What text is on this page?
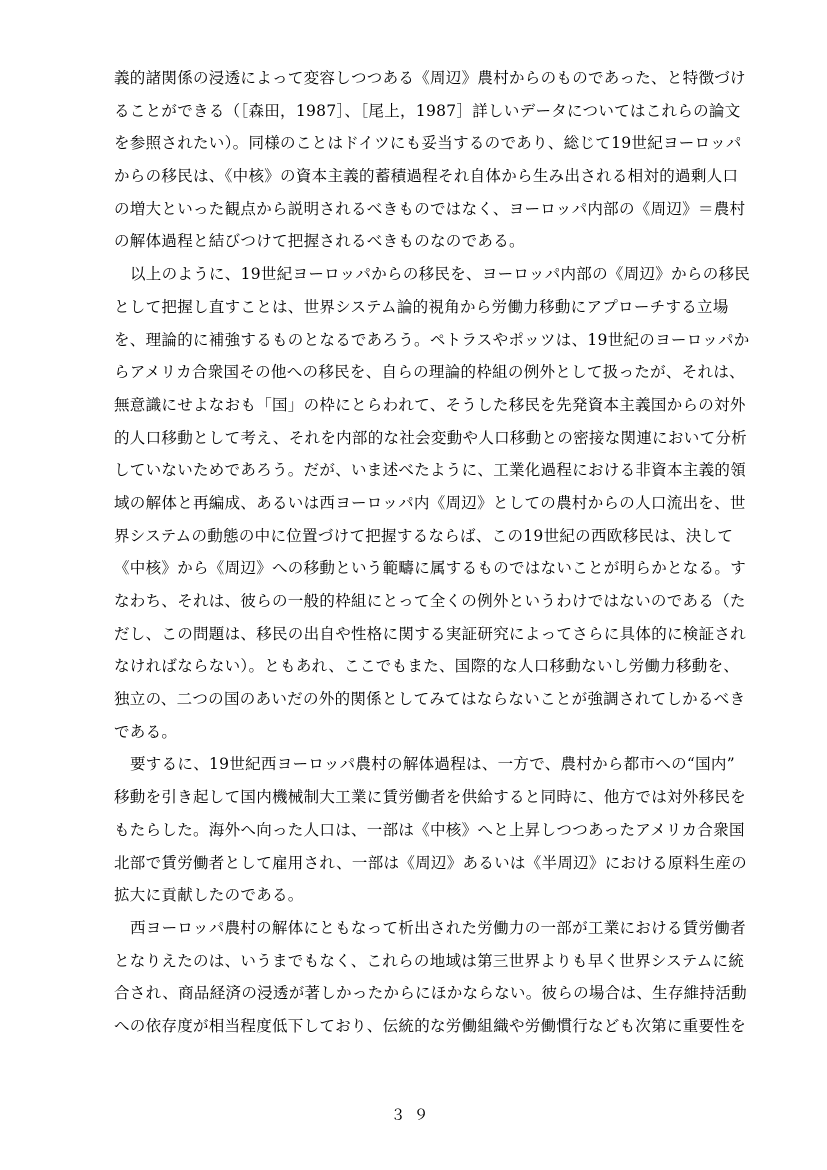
義的諸関係の浸透によって変容しつつある《周辺》農村からのものであった、と特徴づけ
ることができる（［森田，1987］、［尾上，1987］詳しいデータについてはこれらの論文
を参照されたい）。同様のことはドイツにも妥当するのであり、総じて19世紀ヨーロッパ
からの移民は、《中核》の資本主義的蓄積過程それ自体から生み出される相対的過剰人口
の増大といった観点から説明されるべきものではなく、ヨーロッパ内部の《周辺》＝農村
の解体過程と結びつけて把握されるべきものなのである。

以上のように、19世紀ヨーロッパからの移民を、ヨーロッパ内部の《周辺》からの移民
として把握し直すことは、世界システム論的視角から労働力移動にアプローチする立場
を、理論的に補強するものとなるであろう。ペトラスやポッツは、19世紀のヨーロッパか
らアメリカ合衆国その他への移民を、自らの理論的枠組の例外として扱ったが、それは、
無意識にせよなおも「国」の枠にとらわれて、そうした移民を先発資本主義国からの対外
的人口移動として考え、それを内部的な社会変動や人口移動との密接な関連において分析
していないためであろう。だが、いま述べたように、工業化過程における非資本主義的領
域の解体と再編成、あるいは西ヨーロッパ内《周辺》としての農村からの人口流出を、世
界システムの動態の中に位置づけて把握するならば、この19世紀の西欧移民は、決して
《中核》から《周辺》への移動という範疇に属するものではないことが明らかとなる。す
なわち、それは、彼らの一般的枠組にとって全くの例外というわけではないのである（た
だし、この問題は、移民の出自や性格に関する実証研究によってさらに具体的に検証され
なければならない）。ともあれ、ここでもまた、国際的な人口移動ないし労働力移動を、
独立の、二つの国のあいだの外的関係としてみてはならないことが強調されてしかるべき
である。

要するに、19世紀西ヨーロッパ農村の解体過程は、一方で、農村から都市への“国内”
移動を引き起して国内機械制大工業に賃労働者を供給すると同時に、他方では対外移民を
もたらした。海外へ向った人口は、一部は《中核》へと上昇しつつあったアメリカ合衆国
北部で賃労働者として雇用され、一部は《周辺》あるいは《半周辺》における原料生産の
拡大に貢献したのである。

西ヨーロッパ農村の解体にともなって析出された労働力の一部が工業における賃労働者
となりえたのは、いうまでもなく、これらの地域は第三世界よりも早く世界システムに統
合され、商品経済の浸透が著しかったからにほかならない。彼らの場合は、生存維持活動
への依存度が相当程度低下しており、伝統的な労働組織や労働慣行なども次第に重要性を

３９
